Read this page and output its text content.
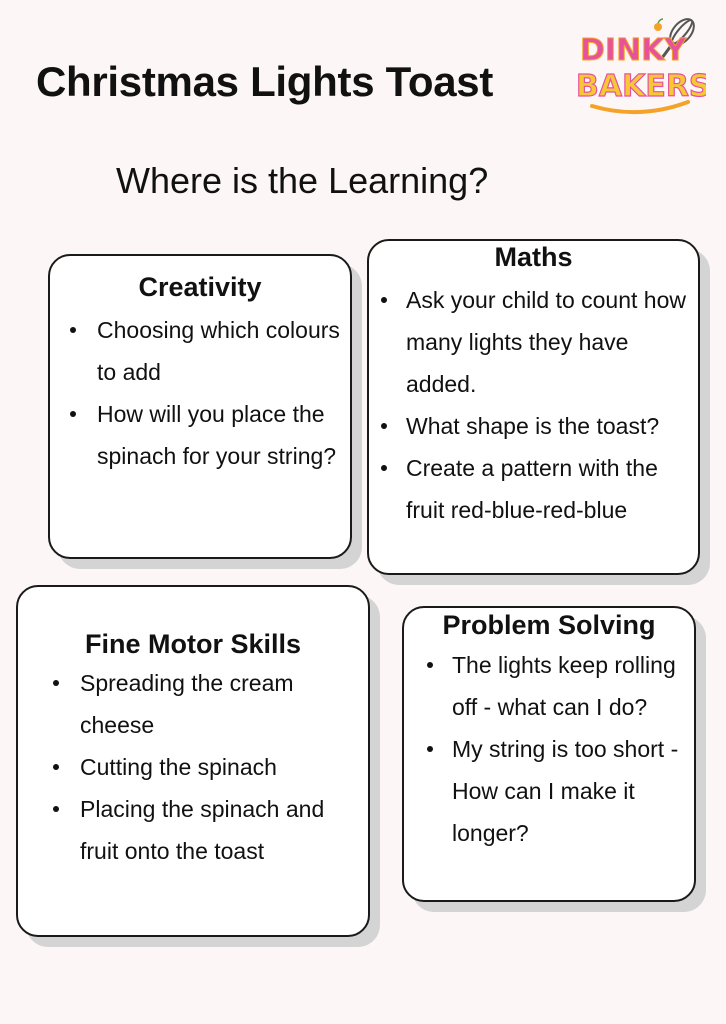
Christmas Lights Toast
DINKY
BAKERS

Where is the Learning?

Creativity
Choosing which colours to add
How will you place the spinach for your string?
Maths
Ask your child to count how many lights they have added.
What shape is the toast?
Create a pattern with the fruit red-blue-red-blue
Fine Motor Skills
Spreading the cream cheese
Cutting the spinach
Placing the spinach and fruit onto the toast
Problem Solving
The lights keep rolling off - what can I do?
My string is too short - How can I make it longer?
